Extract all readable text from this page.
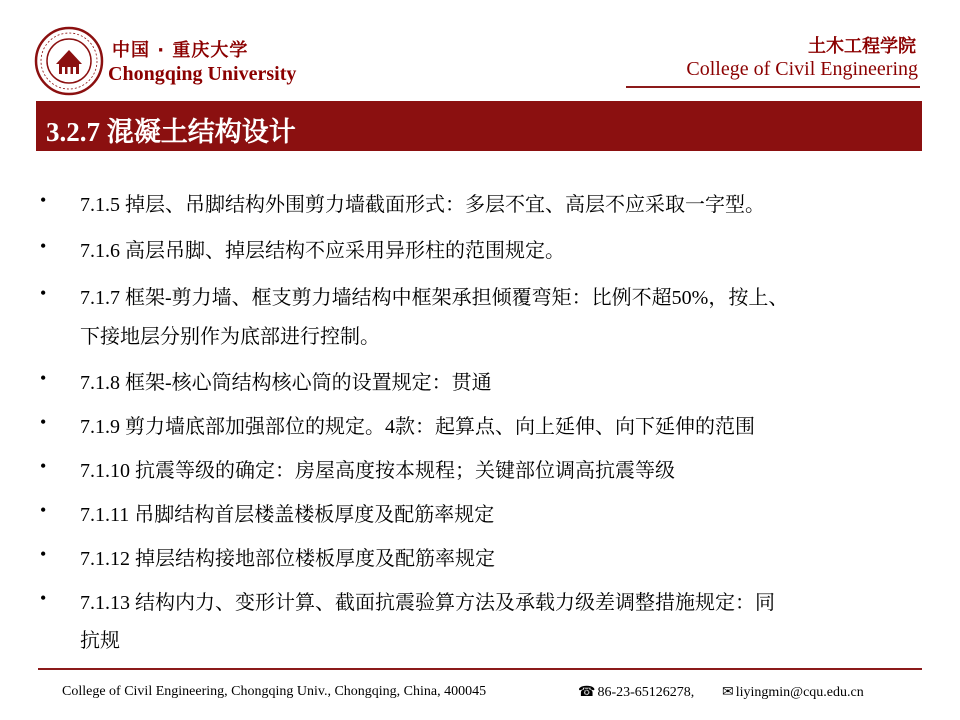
中国 · 重庆大学
Chongqing University
土木工程学院
College of Civil Engineering
3.2.7 混凝土结构设计
• 7.1.5 掉层、吊脚结构外围剪力墙截面形式：多层不宜、高层不应采取一字型。
• 7.1.6 高层吊脚、掉层结构不应采用异形柱的范围规定。
• 7.1.7 框架-剪力墙、框支剪力墙结构中框架承担倾覆弯矩：比例不超50%，按上、
下接地层分别作为底部进行控制。
• 7.1.8 框架-核心筒结构核心筒的设置规定：贯通
• 7.1.9 剪力墙底部加强部位的规定。4款：起算点、向上延伸、向下延伸的范围
• 7.1.10 抗震等级的确定：房屋高度按本规程；关键部位调高抗震等级
• 7.1.11 吊脚结构首层楼盖楼板厚度及配筋率规定
• 7.1.12 掉层结构接地部位楼板厚度及配筋率规定
• 7.1.13 结构内力、变形计算、截面抗震验算方法及承载力级差调整措施规定：同
抗规
College of Civil Engineering, Chongqing Univ., Chongqing, China, 400045	☎ 86-23-65126278, ✉ liyingmin@cqu.edu.cn
